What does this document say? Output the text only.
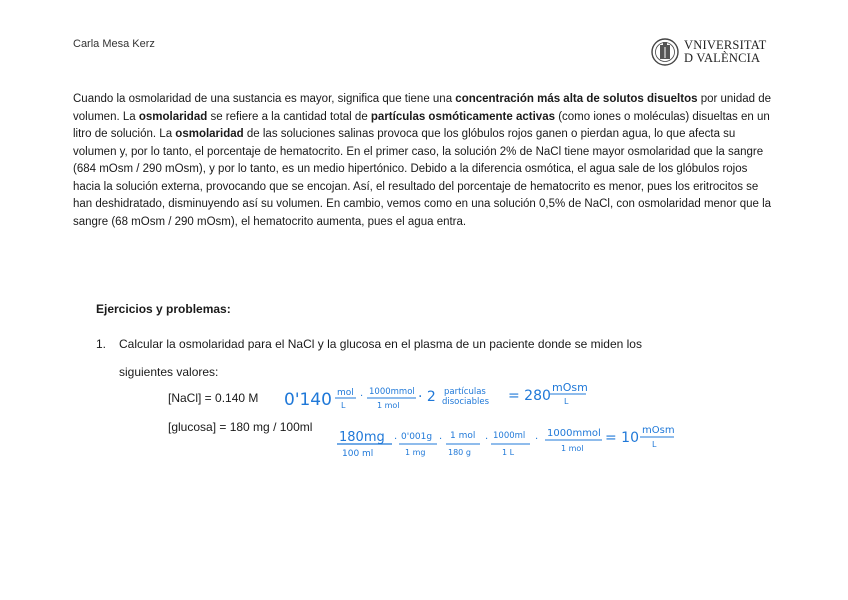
Carla Mesa Kerz	VNIVERSITAT
D VALÈNCIA

Cuando la osmolaridad de una sustancia es mayor, significa que tiene una concentración más alta de solutos disueltos por unidad de volumen. La osmolaridad se refiere a la cantidad total de partículas osmóticamente activas (como iones o moléculas) disueltas en un litro de solución. La osmolaridad de las soluciones salinas provoca que los glóbulos rojos ganen o pierdan agua, lo que afecta su volumen y, por lo tanto, el porcentaje de hematocrito. En el primer caso, la solución 2% de NaCl tiene mayor osmolaridad que la sangre (684 mOsm / 290 mOsm), y por lo tanto, es un medio hipertónico. Debido a la diferencia osmótica, el agua sale de los glóbulos rojos hacia la solución externa, provocando que se encojan. Así, el resultado del porcentaje de hematocrito es menor, pues los eritrocitos se han deshidratado, disminuyendo así su volumen. En cambio, vemos como en una solución 0,5% de NaCl, con osmolaridad menor que la sangre (68 mOsm / 290 mOsm), el hematocrito aumenta, pues el agua entra.

Ejercicios y problemas:
1. Calcular la osmolaridad para el NaCl y la glucosa en el plasma de un paciente donde se miden los
siguientes valores:
[NaCl] = 0.140 M
[glucosa] = 180 mg / 100ml
0'140 mol
L
· 1000mmol
1 mol
· 2 partículas
disociables = 280
mOsm
L
180mg
100 ml
· 0'001g
1 mg
· 1 mol
180 g
· 1000ml
1 L
·
1000mmol
1 mol
= 10 mOsm
L
